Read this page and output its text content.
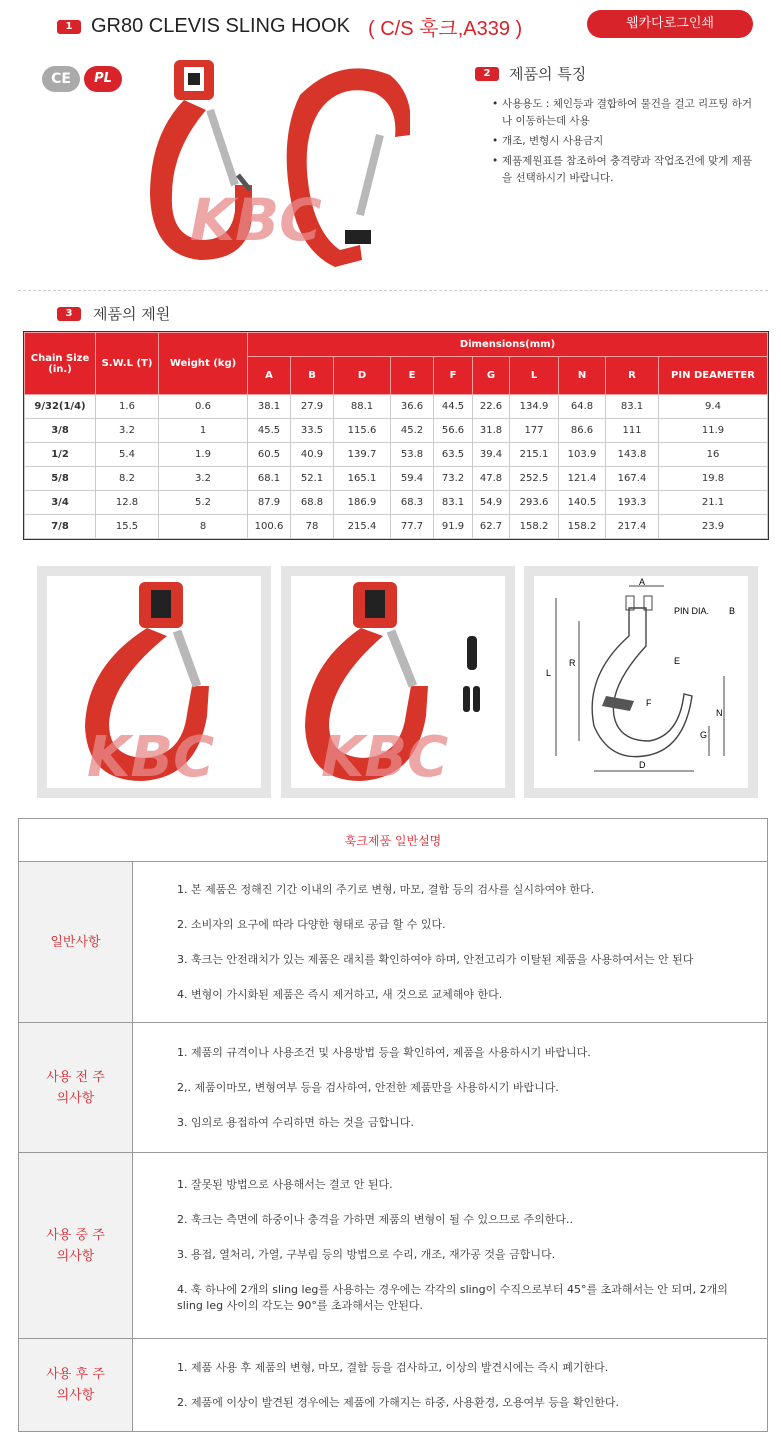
1 GR80 CLEVIS SLING HOOK ( C/S 훅크,A339 )	웹카다로그인쇄
CE	PL
KBC
2	제품의 특징
• 사용용도 : 체인등과 결합하여 물건을 걸고 리프팅 하거나 이동하는데 사용
• 개조, 변형시 사용금지
• 제품제원표를 참조하여 충격량과 작업조건에 맞게 제품을 선택하시기 바랍니다.
3	제품의 제원
Chain Size (in.)	S.W.L (T)	Weight (kg)	Dimensions(mm)									
			A	B	D	E	F	G	L	N	R	PIN DEAMETER
9/32(1/4)	1.6	0.6	38.1	27.9	88.1	36.6	44.5	22.6	134.9	64.8	83.1	9.4
3/8	3.2	1	45.5	33.5	115.6	45.2	56.6	31.8	177	86.6	111	11.9
1/2	5.4	1.9	60.5	40.9	139.7	53.8	63.5	39.4	215.1	103.9	143.8	16
5/8	8.2	3.2	68.1	52.1	165.1	59.4	73.2	47.8	252.5	121.4	167.4	19.8
3/4	12.8	5.2	87.9	68.8	186.9	68.3	83.1	54.9	293.6	140.5	193.3	21.1
7/8	15.5	8	100.6	78	215.4	77.7	91.9	62.7	158.2	158.2	217.4	23.9
KBC KBC
A
PIN DIA. B
L
R	E
F
N
G
D
훅크제품 일반설명	
일반사항	1. 본 제품은 정해진 기간 이내의 주기로 변형, 마모, 결함 등의 검사를 실시하여야 한다.

2. 소비자의 요구에 따라 다양한 형태로 공급 할 수 있다.

3. 훅크는 안전래치가 있는 제품은 래치를 확인하여야 하며, 안전고리가 이탈된 제품을 사용하여서는 안 된다

4. 변형이 가시화된 제품은 즉시 제거하고, 새 것으로 교체해야 한다.

사용 전 주의사항	1. 제품의 규격이나 사용조건 및 사용방법 등을 확인하여, 제품을 사용하시기 바랍니다.

2,. 제품이마모, 변형여부 등을 검사하여, 안전한 제품만을 사용하시기 바랍니다.

3. 임의로 용접하여 수리하면 하는 것을 금합니다.

사용 중 주의사항	1. 잘못된 방법으로 사용해서는 결코 안 된다.

2. 훅크는 측면에 하중이나 충격을 가하면 제품의 변형이 될 수 있으므로 주의한다..

3. 용접, 열처리, 가열, 구부림 등의 방법으로 수리, 개조, 재가공 것을 금합니다.

4. 훅 하나에 2개의 sling leg를 사용하는 경우에는 각각의 sling이 수직으로부터 45°를 초과해서는 안 되며, 2개의 sling leg 사이의 각도는 90°를 초과해서는 안된다.

사용 후 주의사항	1. 제품 사용 후 제품의 변형, 마모, 결함 등을 검사하고, 이상의 발견시에는 즉시 폐기한다.

2. 제품에 이상이 발견된 경우에는 제품에 가해지는 하중, 사용환경, 오용여부 등을 확인한다.
